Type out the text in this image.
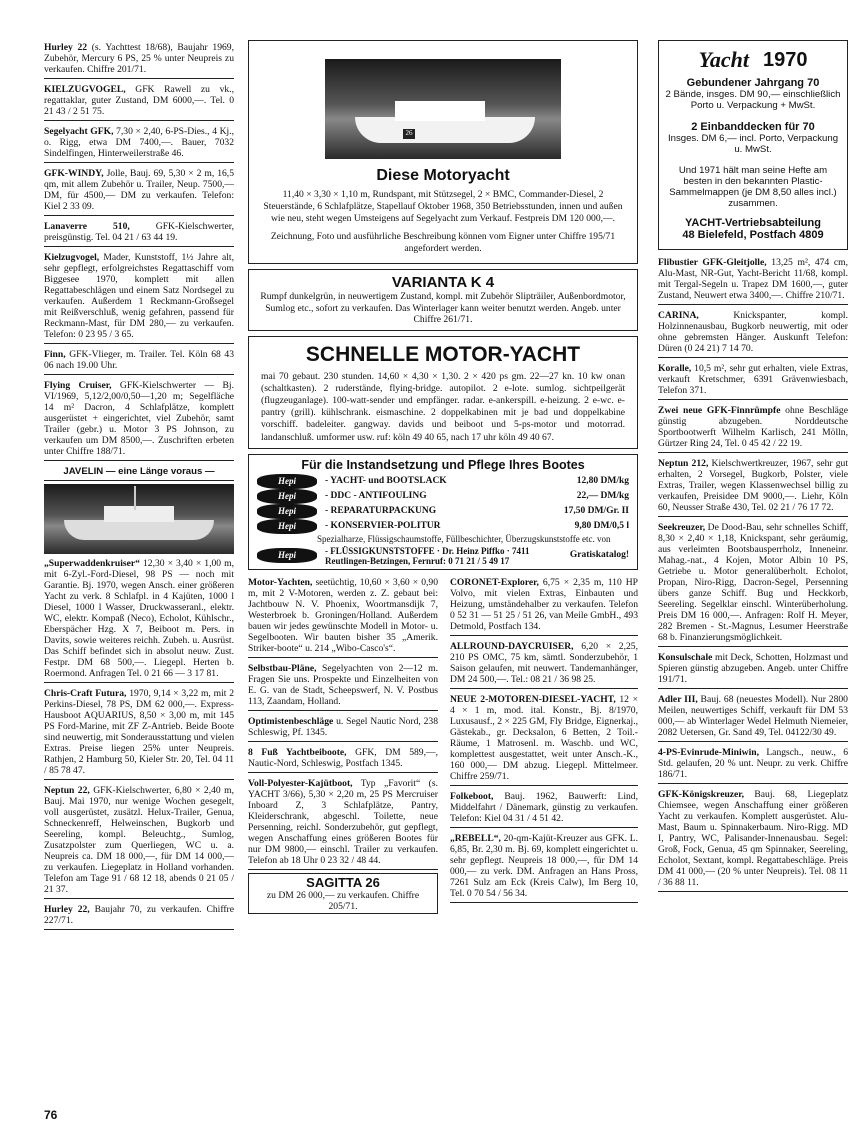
Hurley 22 (s. Yachttest 18/68), Baujahr 1969, Zubehör, Mercury 6 PS, 25 % unter Neupreis zu verkaufen. Chiffre 201/71.
KIELZUGVOGEL, GFK Rawell zu vk., regattaklar, guter Zustand, DM 6000,—. Tel. 0 21 43 / 2 51 75.
Segelyacht GFK, 7,30 × 2,40, 6-PS-Dies., 4 Kj., o. Rigg, etwa DM 7400,—. Bauer, 7032 Sindelfingen, Hinterweilerstraße 46.
GFK-WINDY, Jolle, Bauj. 69, 5,30 × 2 m, 16,5 qm, mit allem Zubehör u. Trailer, Neup. 7500,— DM, für 4500,— DM zu verkaufen. Telefon: Kiel 2 33 09.
Lanaverre 510, GFK-Kielschwerter, preisgünstig. Tel. 04 21 / 63 44 19.
Kielzugvogel, Mader, Kunststoff, 1½ Jahre alt, sehr gepflegt, erfolgreichstes Regattaschiff vom Biggesee 1970, komplett mit allen Regattabeschlägen und einem Satz Nordsegel zu verkaufen. Außerdem 1 Reckmann-Großsegel mit Reißverschluß, wenig gefahren, passend für Reckmann-Mast, für DM 280,— zu verkaufen. Telefon: 0 23 95 / 3 65.
Finn, GFK-Vlieger, m. Trailer. Tel. Köln 68 43 06 nach 19.00 Uhr.
Flying Cruiser, GFK-Kielschwerter — Bj. VI/1969, 5,12/2,00/0,50—1,20 m; Segelfläche 14 m² Dacron, 4 Schlafplätze, komplett ausgerüstet + eingerichtet, viel Zubehör, samt Trailer (gebr.) u. Motor 3 PS Johnson, zu verkaufen um DM 8500,—. Zuschriften erbeten unter Chiffre 188/71.
JAVELIN — eine Länge voraus —
„Superwaddenkruiser“ 12,30 × 3,40 × 1,00 m, mit 6-Zyl.-Ford-Diesel, 98 PS — noch mit Garantie. Bj. 1970, wegen Ansch. einer größeren Yacht zu verk. 8 Schlafpl. in 4 Kajüten, 1000 l Diesel, 1000 l Wasser, Druckwasseranl., elektr. WC, elektr. Kompaß (Neco), Echolot, Kühlschr., Eberspächer Hzg. X 7, Beiboot m. Pers. in Davits, sowie weiteres reichh. Zubeh. u. Ausrüst. Das Schiff befindet sich in absolut neuw. Zust. Festpr. DM 68 500,—. Liegepl. Herten b. Roermond. Anfragen Tel. 0 21 66 — 3 17 81.
Chris-Craft Futura, 1970, 9,14 × 3,22 m, mit 2 Perkins-Diesel, 78 PS, DM 62 000,—. Express-Hausboot AQUARIUS, 8,50 × 3,00 m, mit 145 PS Ford-Marine, mit ZF Z-Antrieb. Beide Boote sind neuwertig, mit Sonderausstattung und vielen Extras. Preise liegen 25% unter Neupreis. Rathjen, 2 Hamburg 50, Kieler Str. 20, Tel. 04 11 / 85 78 47.
Neptun 22, GFK-Kielschwerter, 6,80 × 2,40 m, Bauj. Mai 1970, nur wenige Wochen gesegelt, voll ausgerüstet, zusätzl. Helux-Trailer, Genua, Schneckenreff, Helweinschen, Bugkorb und Seereling, kompl. Beleuchtg., Sumlog, Zusatzpolster zum Querliegen, WC u. a. Neupreis ca. DM 18 000,—, für DM 14 000,— zu verkaufen. Liegeplatz in Holland vorhanden. Telefon am Tage 91 / 68 12 18, abends 0 21 05 / 21 37.
Hurley 22, Baujahr 70, zu verkaufen. Chiffre 227/71.
26
Diese Motoryacht
11,40 × 3,30 × 1,10 m, Rundspant, mit Stützsegel, 2 × BMC, Commander-Diesel, 2 Steuerstände, 6 Schlafplätze, Stapellauf Oktober 1968, 350 Betriebsstunden, innen und außen wie neu, steht wegen Umsteigens auf Segelyacht zum Verkauf. Festpreis DM 120 000,—.
Zeichnung, Foto und ausführliche Beschreibung können vom Eigner unter Chiffre 195/71 angefordert werden.
VARIANTA K 4
Rumpf dunkelgrün, in neuwertigem Zustand, kompl. mit Zubehör Slipträiler, Außenbordmotor, Sumlog etc., sofort zu verkaufen. Das Winterlager kann weiter benutzt werden. Angeb. unter Chiffre 261/71.
SCHNELLE MOTOR-YACHT
mai 70 gebaut. 230 stunden. 14,60 × 4,30 × 1,30. 2 × 420 ps gm. 22—27 kn. 10 kw onan (schaltkasten). 2 ruderstände, flying-bridge. autopilot. 2 e-lote. sumlog. sichtpeilgerät (flugzeuganlage). 100-watt-sender und empfänger. radar. e-ankerspill. e-heizung. 2 e-wc. e-pantry (grill). kühlschrank. eismaschine. 2 doppelkabinen mit je bad und doppelkabine vorschiff. badeleiter. gangway. davids und beiboot und 5-ps-motor und motorrad. landanschluß. umformer usw. ruf: köln 49 40 65, nach 17 uhr köln 49 40 67.
Für die Instandsetzung und Pflege Ihres Bootes
Hepi	- YACHT- und BOOTSLACK	12,80 DM/kg
Hepi	- DDC - ANTIFOULING	22,— DM/kg
Hepi	- REPARATURPACKUNG	17,50 DM/Gr. II
Hepi	- KONSERVIER-POLITUR	9,80 DM/0,5 l
Spezialharze, Flüssigschaumstoffe, Füllbeschichter, Überzugskunststoffe etc. von
Hepi	- FLÜSSIGKUNSTSTOFFE · Dr. Heinz Piffko · 7411 Reutlingen-Betzingen, Fernruf: 0 71 21 / 5 49 17
Gratiskatalog!
Motor-Yachten, seetüchtig, 10,60 × 3,60 × 0,90 m, mit 2 V-Motoren, werden z. Z. gebaut bei: Jachtbouw N. V. Phoenix, Woortmansdijk 7, Westerbroek b. Groningen/Holland. Außerdem bauen wir jedes gewünschte Modell in Motor- u. Segelbooten. Wir bauten bisher 35 „Amerik. Striker-boote“ u. 214 „Wibo-Casco's“.
Selbstbau-Pläne, Segelyachten von 2—12 m. Fragen Sie uns. Prospekte und Einzelheiten von E. G. van de Stadt, Scheepswerf, N. V. Postbus 113, Zaandam, Holland.
Optimistenbeschläge u. Segel Nautic Nord, 238 Schleswig, Pf. 1345.
8 Fuß Yachtbeiboote, GFK, DM 589,—, Nautic-Nord, Schleswig, Postfach 1345.
Voll-Polyester-Kajütboot, Typ „Favorit“ (s. YACHT 3/66), 5,30 × 2,20 m, 25 PS Mercruiser Inboard Z, 3 Schlafplätze, Pantry, Kleiderschrank, abgeschl. Toilette, neue Persenning, reichl. Sonderzubehör, gut gepflegt, wegen Anschaffung eines größeren Bootes für nur DM 9800,— einschl. Trailer zu verkaufen. Telefon ab 18 Uhr 0 23 32 / 48 44.
SAGITTA 26
zu DM 26 000,— zu verkaufen. Chiffre 205/71.
CORONET-Explorer, 6,75 × 2,35 m, 110 HP Volvo, mit vielen Extras, Einbauten und Heizung, umständehalber zu verkaufen. Telefon 0 52 31 — 51 25 / 51 26, van Meile GmbH., 493 Detmold, Postfach 134.
ALLROUND-DAYCRUISER, 6,20 × 2,25, 210 PS OMC, 75 km, sämtl. Sonderzubehör, 1 Saison gelaufen, mit neuwert. Tandemanhänger, DM 24 500,—. Tel.: 08 21 / 36 98 25.
NEUE 2-MOTOREN-DIESEL-YACHT, 12 × 4 × 1 m, mod. ital. Konstr., Bj. 8/1970, Luxusausf., 2 × 225 GM, Fly Bridge, Eignerkaj., Gästekab., gr. Decksalon, 6 Betten, 2 Toil.-Räume, 1 Matrosenl. m. Waschb. und WC, komplettest ausgestattet, weit unter Ansch.-K., 160 000,— DM abzug. Liegepl. Mittelmeer. Chiffre 259/71.
Folkeboot, Bauj. 1962, Bauwerft: Lind, Middelfahrt / Dänemark, günstig zu verkaufen. Telefon: Kiel 04 31 / 4 51 42.
„REBELL“, 20-qm-Kajüt-Kreuzer aus GFK. L. 6,85, Br. 2,30 m. Bj. 69, komplett eingerichtet u. sehr gepflegt. Neupreis 18 000,—, für DM 14 000,— zu verk. DM. Anfragen an Hans Pross, 7261 Sulz am Eck (Kreis Calw), Im Berg 10, Tel. 0 70 54 / 56 34.
Yacht 1970
Gebundener Jahrgang 70
2 Bände, insges. DM 90,— einschließlich Porto u. Verpackung + MwSt.
2 Einbanddecken für 70
Insges. DM 6,— incl. Porto, Verpackung u. MwSt.
Und 1971 hält man seine Hefte am besten in den bekannten Plastic-Sammelmappen (je DM 8,50 alles incl.) zusammen.
YACHT-Vertriebsabteilung
48 Bielefeld, Postfach 4809
Flibustier GFK-Gleitjolle, 13,25 m², 474 cm, Alu-Mast, NR-Gut, Yacht-Bericht 11/68, kompl. mit Tergal-Segeln u. Trapez DM 1600,—, guter Zustand, Neuwert etwa 3400,—. Chiffre 210/71.
CARINA, Knickspanter, kompl. Holzinnenausbau, Bugkorb neuwertig, mit oder ohne gebremsten Hänger. Auskunft Telefon: Düren (0 24 21) 7 14 70.
Koralle, 10,5 m², sehr gut erhalten, viele Extras, verkauft Kretschmer, 6391 Grävenwiesbach, Telefon 371.
Zwei neue GFK-Finnrümpfe ohne Beschläge günstig abzugeben. Norddeutsche Sportbootwerft Wilhelm Karlisch, 241 Mölln, Gürtzer Ring 24, Tel. 0 45 42 / 22 19.
Neptun 212, Kielschwertkreuzer, 1967, sehr gut erhalten, 2 Vorsegel, Bugkorb, Polster, viele Extras, Trailer, wegen Klassenwechsel billig zu verkaufen, Preisidee DM 9000,—. Liehr, Köln 60, Neusser Straße 430, Tel. 02 21 / 76 17 72.
Seekreuzer, De Dood-Bau, sehr schnelles Schiff, 8,30 × 2,40 × 1,18, Knickspant, sehr geräumig, aus verleimten Bootsbausperrholz, Inneneinr. Mahag.-nat., 4 Kojen, Motor Albin 10 PS, Getriebe u. Motor generalüberholt. Echolot, Propan, Niro-Rigg, Dacron-Segel, Persenning übers ganze Schiff. Bug und Heckkorb, Seereling. Segelklar einschl. Winterüberholung. Preis DM 16 000,—. Anfragen: Rolf H. Meyer, 282 Bremen - St.-Magnus, Lesumer Heerstraße 68 b. Finanzierungsmöglichkeit.
Konsulschale mit Deck, Schotten, Holzmast und Spieren günstig abzugeben. Angeb. unter Chiffre 191/71.
Adler III, Bauj. 68 (neuestes Modell). Nur 2800 Meilen, neuwertiges Schiff, verkauft für DM 53 000,— ab Winterlager Wedel Helmuth Niemeier, 2082 Uetersen, Gr. Sand 49, Tel. 04122/30 49.
4-PS-Evinrude-Miniwin, Langsch., neuw., 6 Std. gelaufen, 20 % unt. Neupr. zu verk. Chiffre 186/71.
GFK-Königskreuzer, Bauj. 68, Liegeplatz Chiemsee, wegen Anschaffung einer größeren Yacht zu verkaufen. Komplett ausgerüstet. Alu-Mast, Baum u. Spinnakerbaum. Niro-Rigg. MD I, Pantry, WC, Palisander-Innenausbau. Segel: Groß, Fock, Genua, 45 qm Spinnaker, Seereling, Echolot, Sextant, kompl. Regattabeschläge. Preis DM 41 000,— (20 % unter Neupreis). Tel. 08 11 / 36 88 11.
76
